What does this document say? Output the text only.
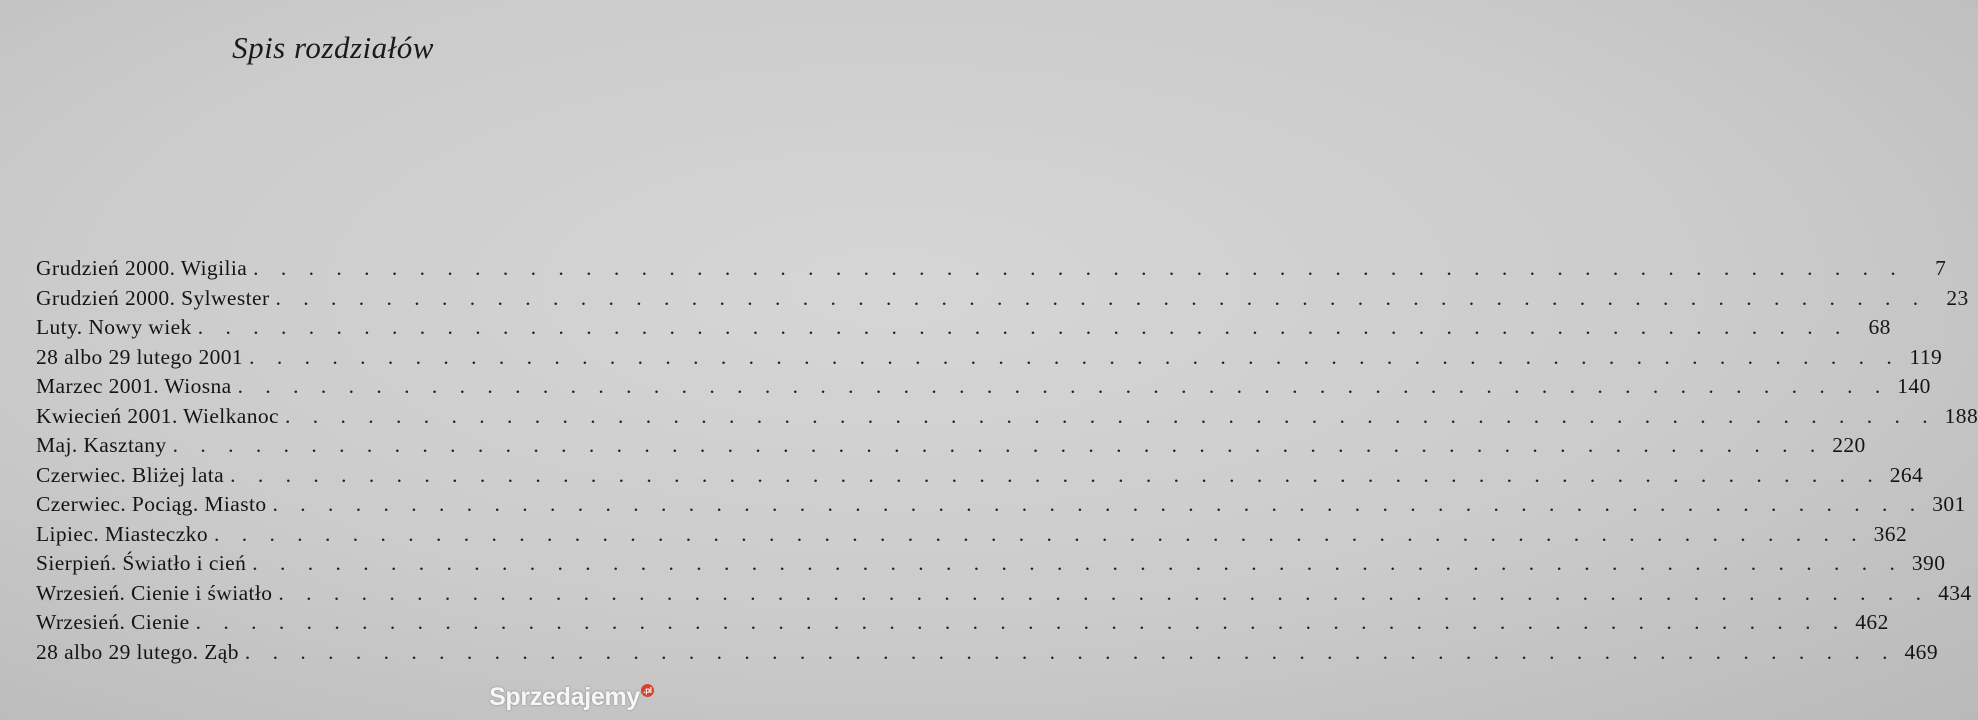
Spis rozdziałów
Grudzień 2000. Wigilia . . . . . . . . . . . . . . . . . . . . . . . . . . . . . . . . . . . . . . . . . . . . . . . . . . . . . . . . . . . .	7
Grudzień 2000. Sylwester . . . . . . . . . . . . . . . . . . . . . . . . . . . . . . . . . . . . . . . . . . . . . . . . . . . . . . . . . . . . 23
Luty. Nowy wiek . . . . . . . . . . . . . . . . . . . . . . . . . . . . . . . . . . . . . . . . . . . . . . . . . . . . . . . . . . . . 68
28 albo 29 lutego 2001 . . . . . . . . . . . . . . . . . . . . . . . . . . . . . . . . . . . . . . . . . . . . . . . . . . . . . . . . . . . . 119
Marzec 2001. Wiosna . . . . . . . . . . . . . . . . . . . . . . . . . . . . . . . . . . . . . . . . . . . . . . . . . . . . . . . . . . . . 140
Kwiecień 2001. Wielkanoc . . . . . . . . . . . . . . . . . . . . . . . . . . . . . . . . . . . . . . . . . . . . . . . . . . . . . . . . . . . . 188
Maj. Kasztany . . . . . . . . . . . . . . . . . . . . . . . . . . . . . . . . . . . . . . . . . . . . . . . . . . . . . . . . . . . . 220
Czerwiec. Bliżej lata . . . . . . . . . . . . . . . . . . . . . . . . . . . . . . . . . . . . . . . . . . . . . . . . . . . . . . . . . . . . 264
Czerwiec. Pociąg. Miasto . . . . . . . . . . . . . . . . . . . . . . . . . . . . . . . . . . . . . . . . . . . . . . . . . . . . . . . . . . . . 301
Lipiec. Miasteczko . . . . . . . . . . . . . . . . . . . . . . . . . . . . . . . . . . . . . . . . . . . . . . . . . . . . . . . . . . . . 362
Sierpień. Światło i cień . . . . . . . . . . . . . . . . . . . . . . . . . . . . . . . . . . . . . . . . . . . . . . . . . . . . . . . . . . . . 390
Wrzesień. Cienie i światło . . . . . . . . . . . . . . . . . . . . . . . . . . . . . . . . . . . . . . . . . . . . . . . . . . . . . . . . . . . . 434
Wrzesień. Cienie . . . . . . . . . . . . . . . . . . . . . . . . . . . . . . . . . . . . . . . . . . . . . . . . . . . . . . . . . . . . 462
28 albo 29 lutego. Ząb . . . . . . . . . . . . . . . . . . . . . . . . . . . . . . . . . . . . . . . . . . . . . . . . . . . . . . . . . . . . 469
Sprzedajemy .pl
